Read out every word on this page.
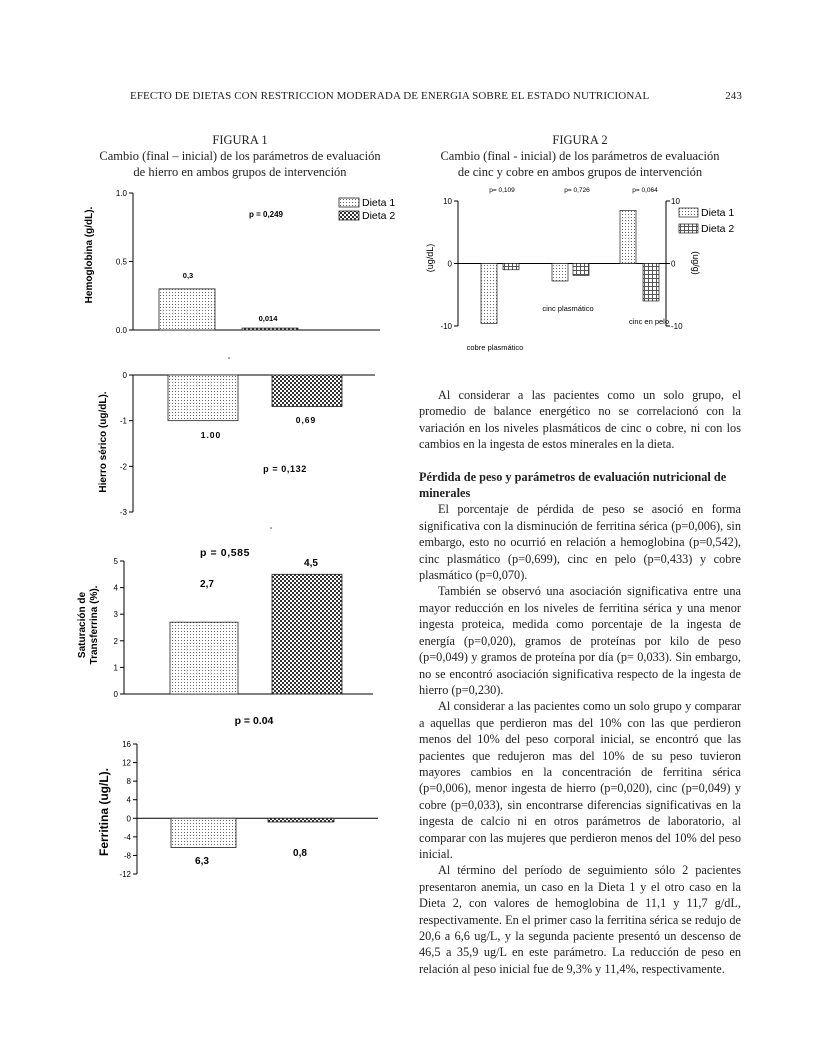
EFECTO DE DIETAS CON RESTRICCION MODERADA DE ENERGIA SOBRE EL ESTADO NUTRICIONAL	243
FIGURA 1
Cambio (final – inicial) de los parámetros de evaluación
de hierro en ambos grupos de intervención
FIGURA 2
Cambio (final - inicial) de los parámetros de evaluación
de cinc y cobre en ambos grupos de intervención
0.0
0.5
1.0
0,3
0,014
p = 0,249
Hemoglobina (g/dL).
0
-1
-2
-3
1.00
0,69
p = 0,132
Hierro sérico (ug/dL).
0
1
2
3
4
5
2,7
4,5
p = 0,585
Saturación de Transferrina (%).
16
12
8
4
0
-4
-8
-12
6,3
0,8
p = 0.04
Ferritina (ug/L).
Dieta 1
Dieta 2
10	10
0	0
-10	-10
p= 0,109	p= 0,726	p= 0,064
cobre plasmático
cinc plasmático
cinc en pelo
(ug/dL)	(ug/g)
Dieta 1
Dieta 2

Al considerar a las pacientes como un solo grupo, el promedio de balance energético no se correlacionó con la variación en los niveles plasmáticos de cinc o cobre, ni con los cambios en la ingesta de estos minerales en la dieta.

Pérdida de peso y parámetros de evaluación nutricional de minerales

El porcentaje de pérdida de peso se asoció en forma significativa con la disminución de ferritina sérica (p=0,006), sin embargo, esto no ocurrió en relación a hemoglobina (p=0,542), cinc plasmático (p=0,699), cinc en pelo (p=0,433) y cobre plasmático (p=0,070).

También se observó una asociación significativa entre una mayor reducción en los niveles de ferritina sérica y una menor ingesta proteica, medida como porcentaje de la ingesta de energía (p=0,020), gramos de proteínas por kilo de peso (p=0,049) y gramos de proteína por día (p= 0,033). Sin embargo, no se encontró asociación significativa respecto de la ingesta de hierro (p=0,230).

Al considerar a las pacientes como un solo grupo y comparar a aquellas que perdieron mas del 10% con las que perdieron menos del 10% del peso corporal inicial, se encontró que las pacientes que redujeron mas del 10% de su peso tuvieron mayores cambios en la concentración de ferritina sérica (p=0,006), menor ingesta de hierro (p=0,020), cinc (p=0,049) y cobre (p=0,033), sin encontrarse diferencias significativas en la ingesta de calcio ni en otros parámetros de laboratorio, al comparar con las mujeres que perdieron menos del 10% del peso inicial.

Al término del período de seguimiento sólo 2 pacientes presentaron anemia, un caso en la Dieta 1 y el otro caso en la Dieta 2, con valores de hemoglobina de 11,1 y 11,7 g/dL, respectivamente. En el primer caso la ferritina sérica se redujo de 20,6 a 6,6 ug/L, y la segunda paciente presentó un descenso de 46,5 a 35,9 ug/L en este parámetro. La reducción de peso en relación al peso inicial fue de 9,3% y 11,4%, respectivamente.
